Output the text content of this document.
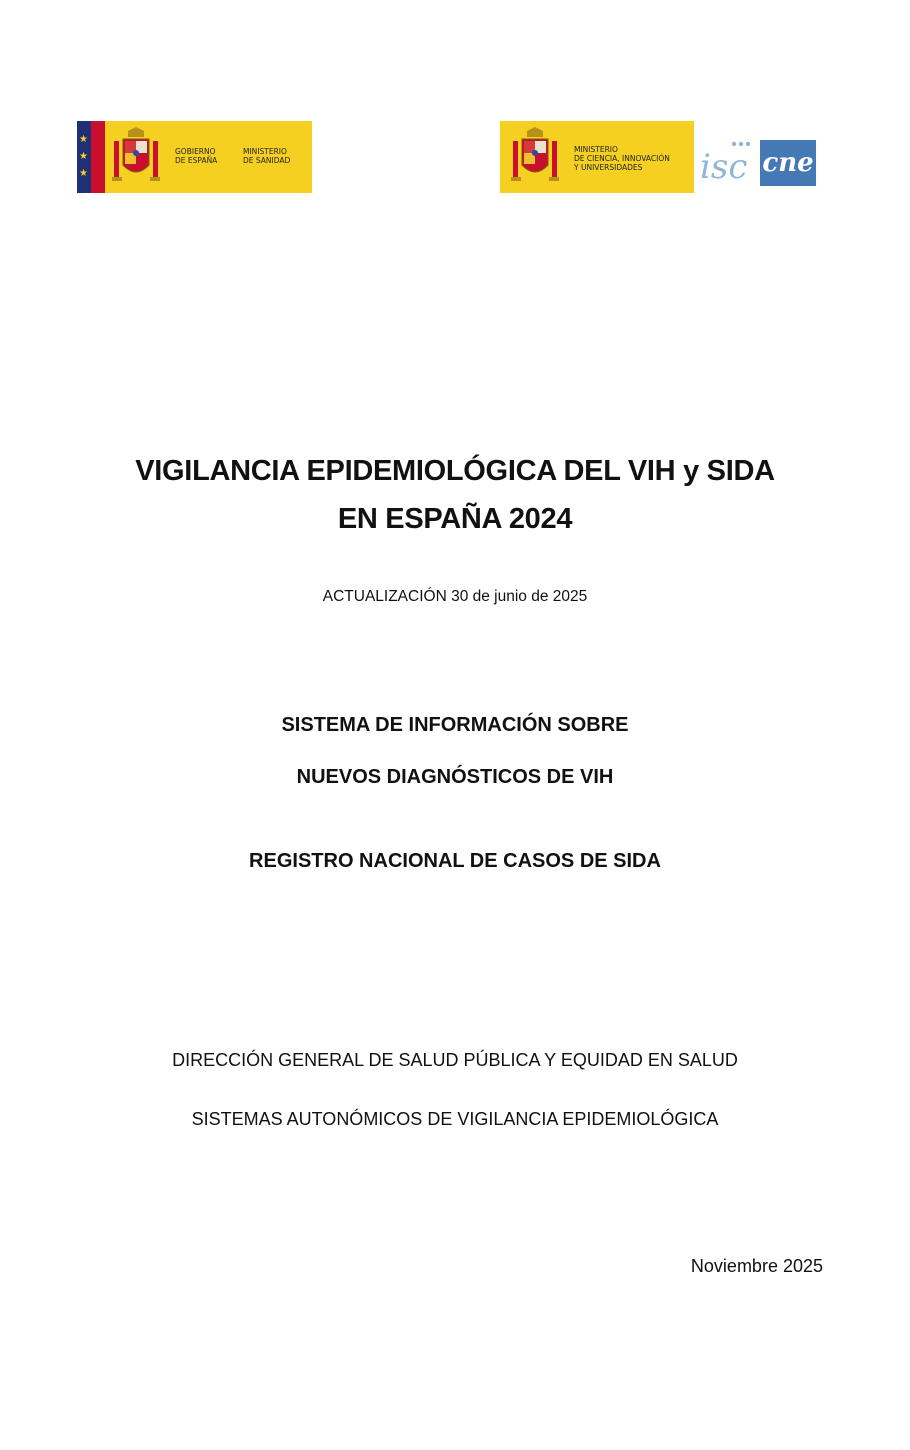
★
★
★
GOBIERNO
DE ESPAÑA
MINISTERIO
DE SANIDAD
MINISTERIO
DE CIENCIA, INNOVACIÓN
Y UNIVERSIDADES	isc cne
VIGILANCIA EPIDEMIOLÓGICA DEL VIH y SIDA
EN ESPAÑA 2024
ACTUALIZACIÓN 30 de junio de 2025
SISTEMA DE INFORMACIÓN SOBRE
NUEVOS DIAGNÓSTICOS DE VIH
REGISTRO NACIONAL DE CASOS DE SIDA
DIRECCIÓN GENERAL DE SALUD PÚBLICA Y EQUIDAD EN SALUD
SISTEMAS AUTONÓMICOS DE VIGILANCIA EPIDEMIOLÓGICA
Noviembre 2025
